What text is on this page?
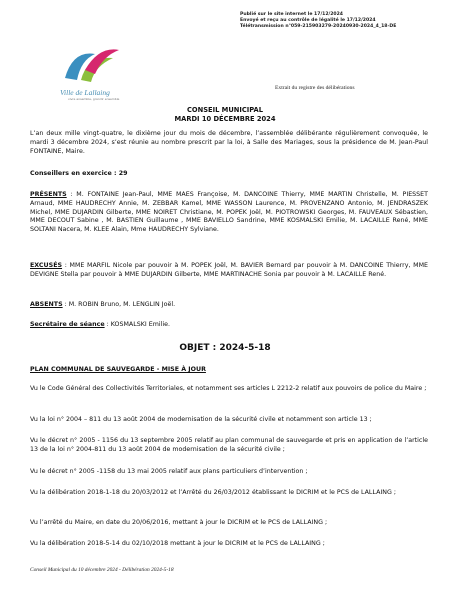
Publié sur le site internet le 17/12/2024
Envoyé et reçu au contrôle de légalité le 17/12/2024
Télétransmission n°059-215903279-20240930-2024_4_18-DE
Ville de Lallaing
vivre ensemble, grandir ensemble
Extrait du registre des délibérations
CONSEIL MUNICIPAL
MARDI 10 DÉCEMBRE 2024

L’an deux mille vingt-quatre, le dixième jour du mois de décembre, l’assemblée délibérante régulièrement convoquée, le mardi 3 décembre 2024, s’est réunie au nombre prescrit par la loi, à Salle des Mariages, sous la présidence de M. Jean-Paul FONTAINE, Maire.

Conseillers en exercice : 29

PRÉSENTS : M. FONTAINE Jean-Paul, MME MAES Françoise, M. DANCOINE Thierry, MME MARTIN Christelle, M. PIESSET Arnaud, MME HAUDRECHY Annie, M. ZEBBAR Kamel, MME WASSON Laurence, M. PROVENZANO Antonio, M. JENDRASZEK Michel, MME DUJARDIN Gilberte, MME NOIRET Christiane, M. POPEK Joël, M. PIOTROWSKI Georges, M. FAUVEAUX Sébastien, MME DECOUT Sabine , M. BASTIEN Guillaume , MME BAVIELLO Sandrine, MME KOSMALSKI Emilie, M. LACAILLE René, MME SOLTANI Nacera, M. KLEE Alain, Mme HAUDRECHY Sylviane.

EXCUSÉS : MME MARFIL Nicole par pouvoir à M. POPEK Joël, M. BAVIER Bernard par pouvoir à M. DANCOINE Thierry, MME DEVIGNE Stella par pouvoir à MME DUJARDIN Gilberte, MME MARTINACHE Sonia par pouvoir à M. LACAILLE René.

ABSENTS : M. ROBIN Bruno, M. LENGLIN Joël.

Secrétaire de séance : KOSMALSKI Emilie.

OBJET : 2024-5-18
PLAN COMMUNAL DE SAUVEGARDE - MISE À JOUR

Vu le Code Général des Collectivités Territoriales, et notamment ses articles L 2212-2 relatif aux pouvoirs de police du Maire ;

Vu la loi n° 2004 – 811 du 13 août 2004 de modernisation de la sécurité civile et notamment son article 13 ;

Vu le décret n° 2005 - 1156 du 13 septembre 2005 relatif au plan communal de sauvegarde et pris en application de l’article 13 de la loi n° 2004-811 du 13 août 2004 de modernisation de la sécurité civile ;

Vu le décret n° 2005 -1158 du 13 mai 2005 relatif aux plans particuliers d’intervention ;

Vu la délibération 2018-1-18 du 20/03/2012 et l’Arrêté du 26/03/2012 établissant le DICRIM et le PCS de LALLAING ;

Vu l’arrêté du Maire, en date du 20/06/2016, mettant à jour le DICRIM et le PCS de LALLAING ;

Vu la délibération 2018-5-14 du 02/10/2018 mettant à jour le DICRIM et le PCS de LALLAING ;

Conseil Municipal du 10 décembre 2024 - Délibération 2024-5-18
